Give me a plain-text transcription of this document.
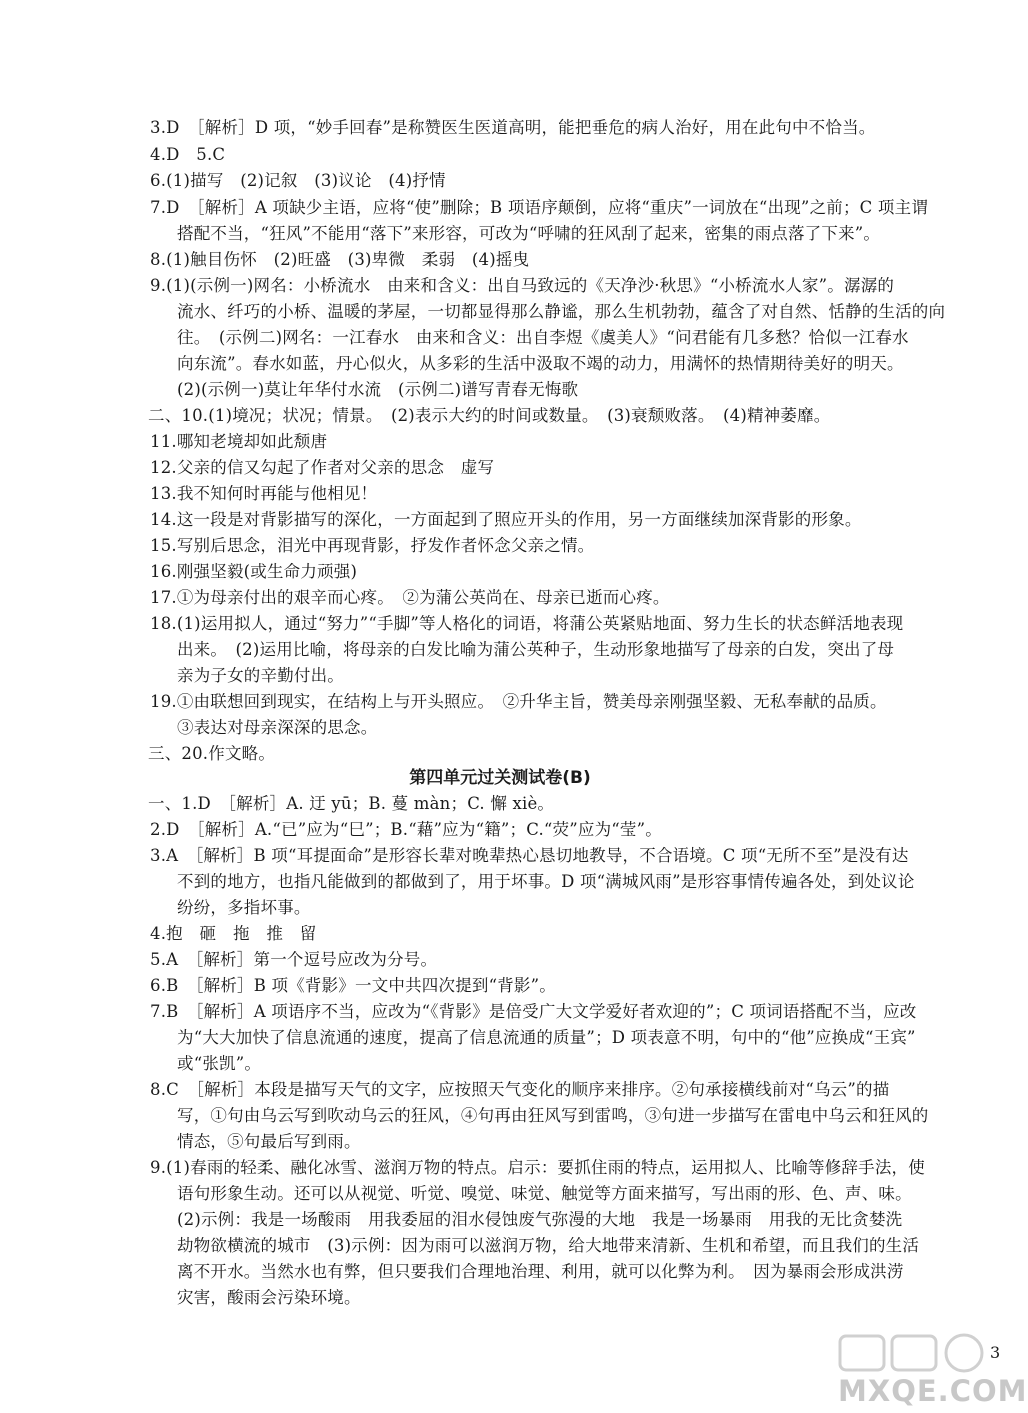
3.D　［解析］D 项，“妙手回春”是称赞医生医道高明，能把垂危的病人治好，用在此句中不恰当。
4.D　5.C
6.(1)描写　(2)记叙　(3)议论　(4)抒情
7.D　［解析］A 项缺少主语，应将“使”删除；B 项语序颠倒，应将“重庆”一词放在“出现”之前；C 项主谓
搭配不当，“狂风”不能用“落下”来形容，可改为“呼啸的狂风刮了起来，密集的雨点落了下来”。
8.(1)触目伤怀　(2)旺盛　(3)卑微　柔弱　(4)摇曳
9.(1)(示例一)网名：小桥流水　由来和含义：出自马致远的《天净沙·秋思》“小桥流水人家”。潺潺的
流水、纤巧的小桥、温暖的茅屋，一切都显得那么静谧，那么生机勃勃，蕴含了对自然、恬静的生活的向
往。　(示例二)网名：一江春水　由来和含义：出自李煜《虞美人》“问君能有几多愁？恰似一江春水
向东流”。春水如蓝，丹心似火，从多彩的生活中汲取不竭的动力，用满怀的热情期待美好的明天。
(2)(示例一)莫让年华付水流　(示例二)谱写青春无悔歌
二、10.(1)境况；状况；情景。　(2)表示大约的时间或数量。　(3)衰颓败落。　(4)精神萎靡。
11.哪知老境却如此颓唐
12.父亲的信又勾起了作者对父亲的思念　虚写
13.我不知何时再能与他相见！
14.这一段是对背影描写的深化，一方面起到了照应开头的作用，另一方面继续加深背影的形象。
15.写别后思念，泪光中再现背影，抒发作者怀念父亲之情。
16.刚强坚毅(或生命力顽强)
17.①为母亲付出的艰辛而心疼。　②为蒲公英尚在、母亲已逝而心疼。
18.(1)运用拟人，通过“努力”“手脚”等人格化的词语，将蒲公英紧贴地面、努力生长的状态鲜活地表现
出来。　(2)运用比喻，将母亲的白发比喻为蒲公英种子，生动形象地描写了母亲的白发，突出了母
亲为子女的辛勤付出。
19.①由联想回到现实，在结构上与开头照应。　②升华主旨，赞美母亲刚强坚毅、无私奉献的品质。
③表达对母亲深深的思念。
三、20.作文略。
一、1.D　［解析］A. 迂 yū；B. 蔓 màn；C. 懈 xiè。
2.D　［解析］A.“已”应为“巳”；B.“藉”应为“籍”；C.“荧”应为“莹”。
3.A　［解析］B 项“耳提面命”是形容长辈对晚辈热心恳切地教导，不合语境。C 项“无所不至”是没有达
不到的地方，也指凡能做到的都做到了，用于坏事。D 项“满城风雨”是形容事情传遍各处，到处议论
纷纷，多指坏事。
4.抱　砸　拖　推　留
5.A　［解析］第一个逗号应改为分号。
6.B　［解析］B 项《背影》一文中共四次提到“背影”。
7.B　［解析］A 项语序不当，应改为“《背影》是倍受广大文学爱好者欢迎的”；C 项词语搭配不当，应改
为“大大加快了信息流通的速度，提高了信息流通的质量”；D 项表意不明，句中的“他”应换成“王宾”
或“张凯”。
8.C　［解析］本段是描写天气的文字，应按照天气变化的顺序来排序。②句承接横线前对“乌云”的描
写，①句由乌云写到吹动乌云的狂风，④句再由狂风写到雷鸣，③句进一步描写在雷电中乌云和狂风的
情态，⑤句最后写到雨。
9.(1)春雨的轻柔、融化冰雪、滋润万物的特点。启示：要抓住雨的特点，运用拟人、比喻等修辞手法，使
语句形象生动。还可以从视觉、听觉、嗅觉、味觉、触觉等方面来描写，写出雨的形、色、声、味。
(2)示例：我是一场酸雨　用我委屈的泪水侵蚀废气弥漫的大地　我是一场暴雨　用我的无比贪婪洗
劫物欲横流的城市　(3)示例：因为雨可以滋润万物，给大地带来清新、生机和希望，而且我们的生活
离不开水。当然水也有弊，但只要我们合理地治理、利用，就可以化弊为利。　因为暴雨会形成洪涝
灾害，酸雨会污染环境。
第四单元过关测试卷(B)
3
MXQE.COM
